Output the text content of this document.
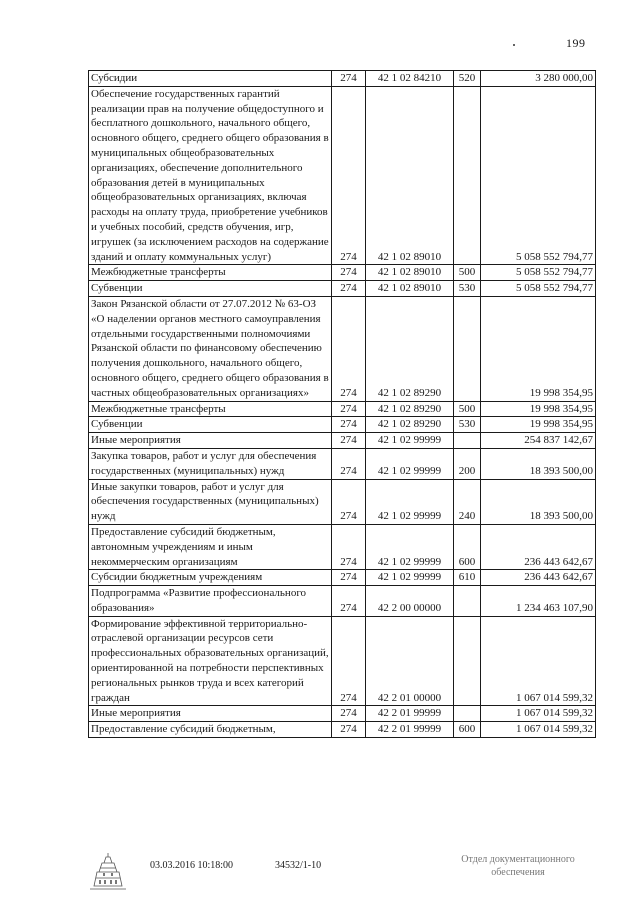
199
Субсидии	274	42 1 02 84210	520	3 280 000,00
Обеспечение государственных гарантий реализации прав на получение общедоступного и бесплатного дошкольного, начального общего, основного общего, среднего общего образования в муниципальных общеобразовательных организациях, обеспечение дополнительного образования детей в муниципальных общеобразовательных организациях, включая расходы на оплату труда, приобретение учебников и учебных пособий, средств обучения, игр, игрушек (за исключением расходов на содержание зданий и оплату коммунальных услуг)	274	42 1 02 89010		5 058 552 794,77
Межбюджетные трансферты	274	42 1 02 89010	500	5 058 552 794,77
Субвенции	274	42 1 02 89010	530	5 058 552 794,77
Закон Рязанской области от 27.07.2012 № 63-ОЗ «О наделении органов местного самоуправления отдельными государственными полномочиями Рязанской области по финансовому обеспечению получения дошкольного, начального общего, основного общего, среднего общего образования в частных общеобразовательных организациях»	274	42 1 02 89290		19 998 354,95
Межбюджетные трансферты	274	42 1 02 89290	500	19 998 354,95
Субвенции	274	42 1 02 89290	530	19 998 354,95
Иные мероприятия	274	42 1 02 99999		254 837 142,67
Закупка товаров, работ и услуг для обеспечения государственных (муниципальных) нужд	274	42 1 02 99999	200	18 393 500,00
Иные закупки товаров, работ и услуг для обеспечения государственных (муниципальных) нужд	274	42 1 02 99999	240	18 393 500,00
Предоставление субсидий бюджетным, автономным учреждениям и иным некоммерческим организациям	274	42 1 02 99999	600	236 443 642,67
Субсидии бюджетным учреждениям	274	42 1 02 99999	610	236 443 642,67
Подпрограмма «Развитие профессионального образования»	274	42 2 00 00000		1 234 463 107,90
Формирование эффективной территориально-отраслевой организации ресурсов сети профессиональных образовательных организаций, ориентированной на потребности перспективных региональных рынков труда и всех категорий граждан	274	42 2 01 00000		1 067 014 599,32
Иные мероприятия	274	42 2 01 99999		1 067 014 599,32
Предоставление субсидий бюджетным,	274	42 2 01 99999	600	1 067 014 599,32
03.03.2016 10:18:00	34532/1-10
Отдел документационного обеспечения
